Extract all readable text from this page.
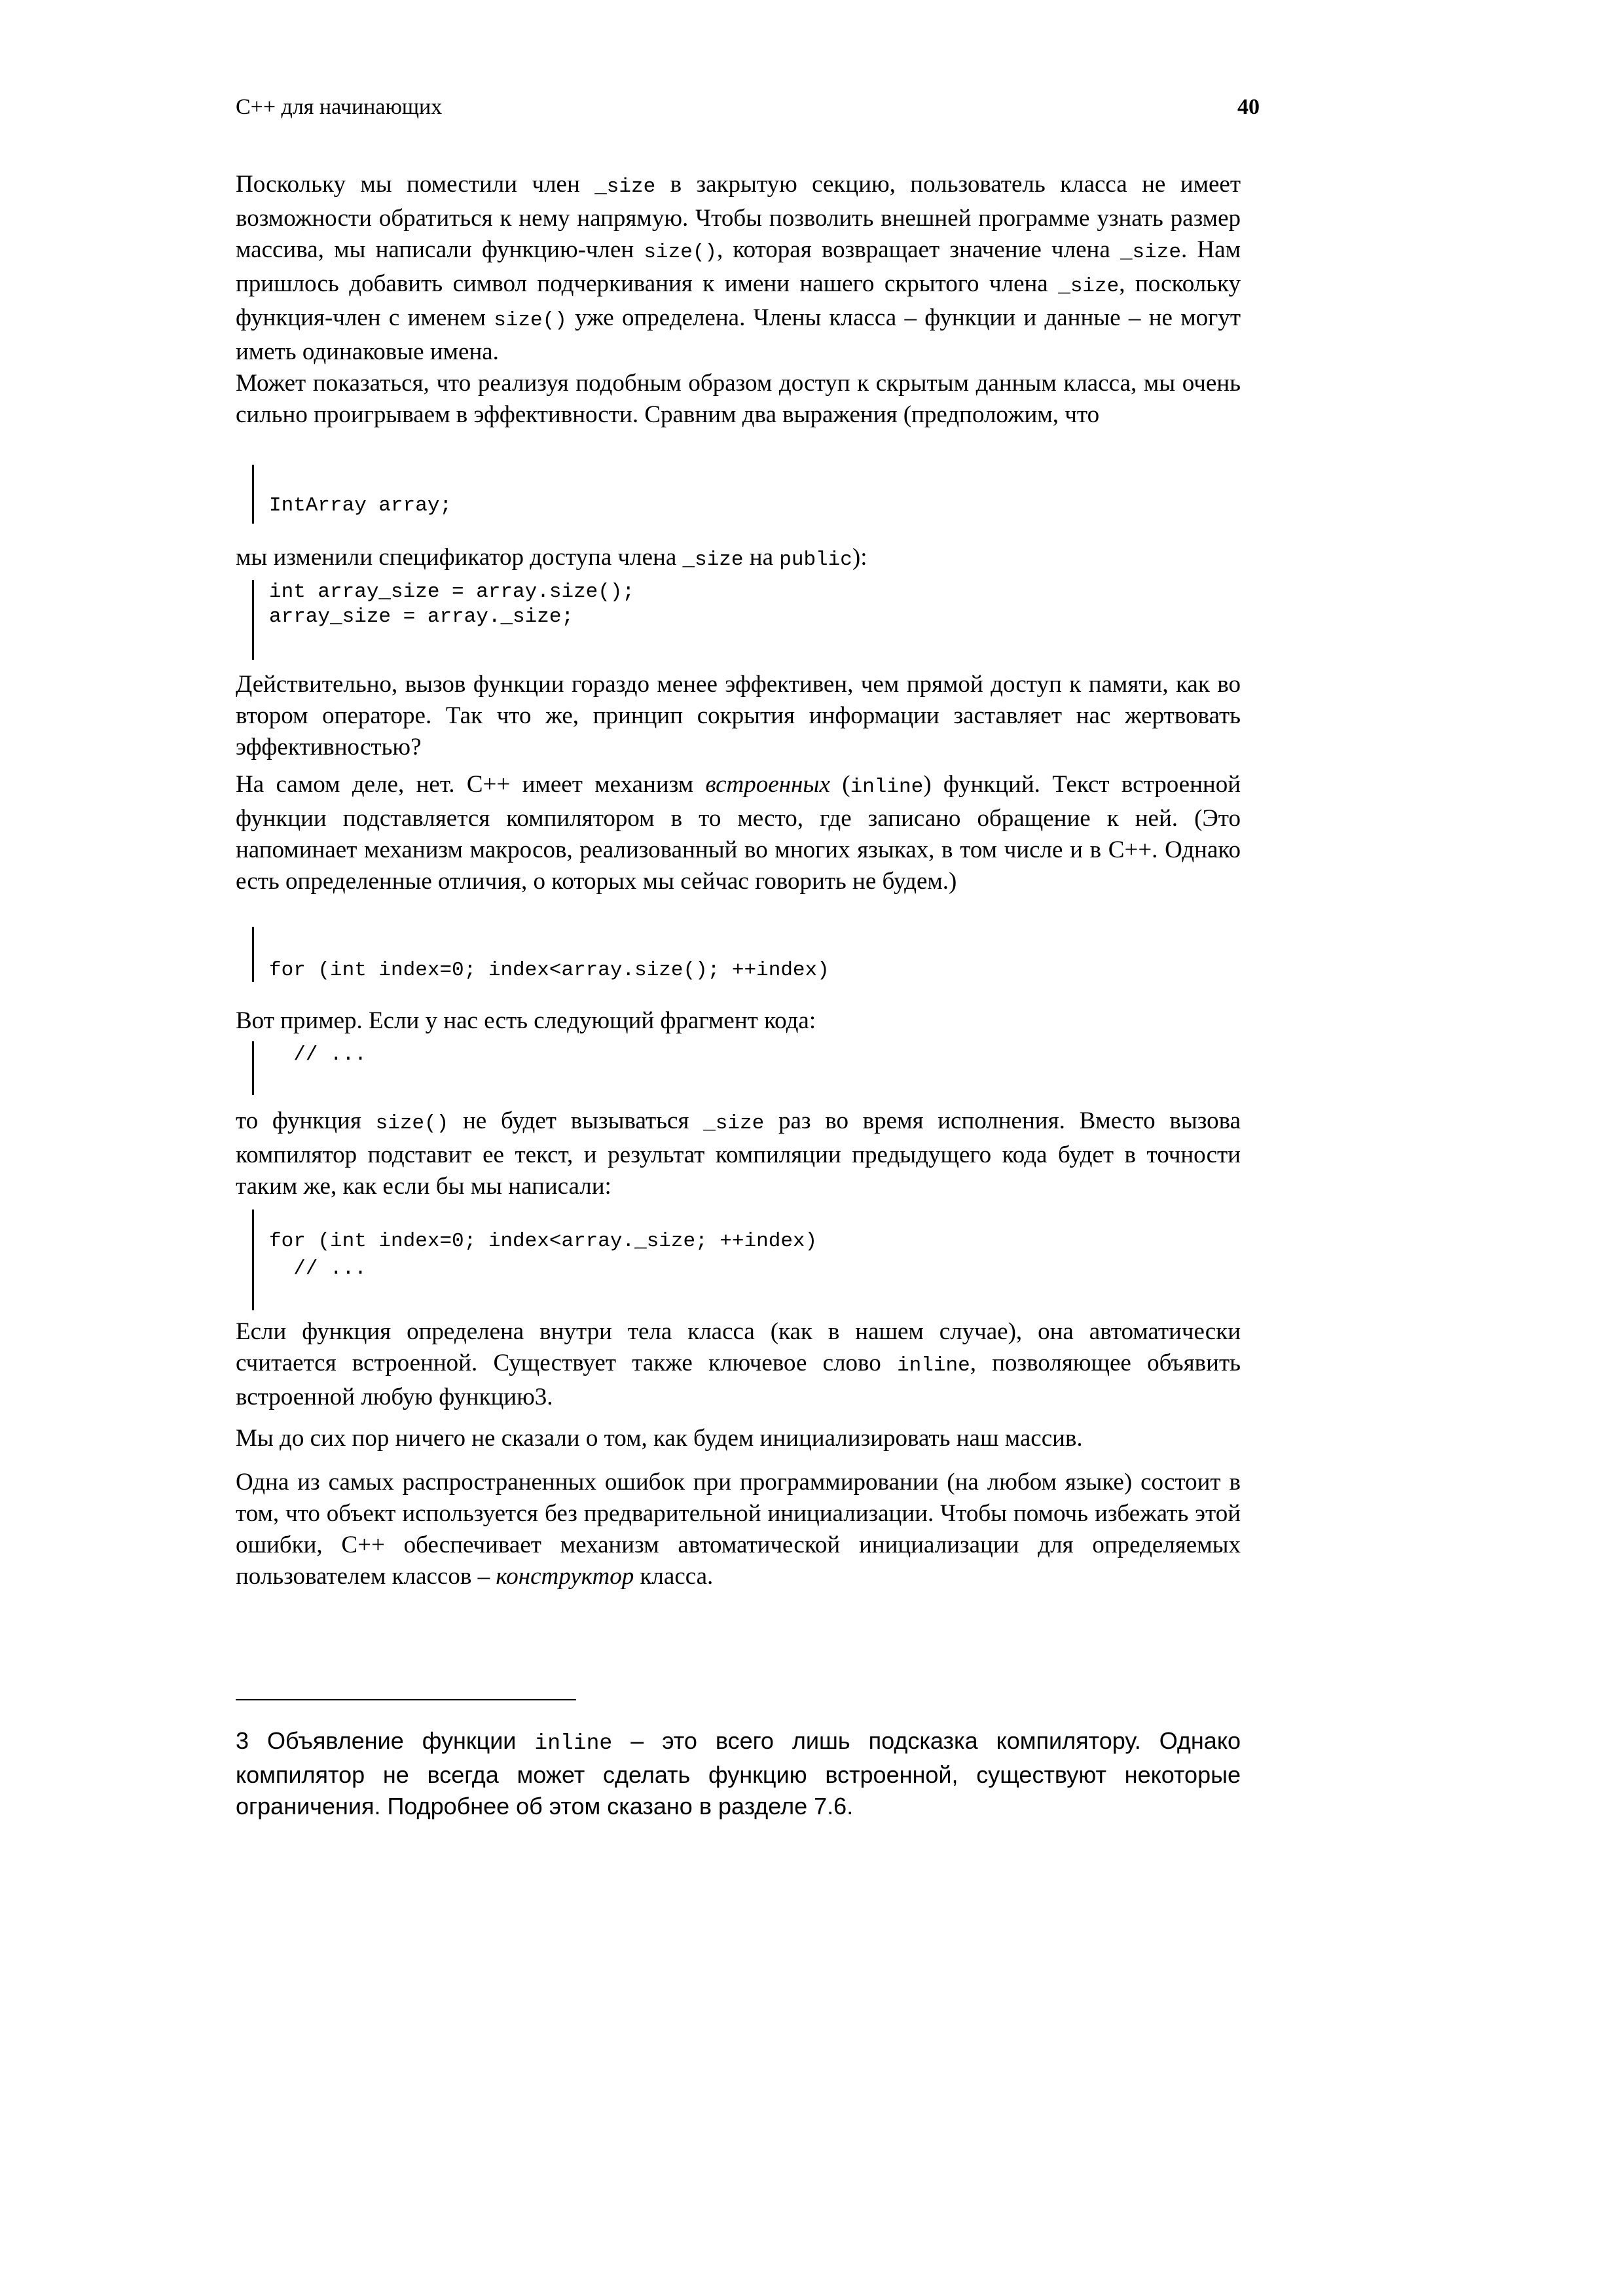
C++ для начинающих	40

Поскольку мы поместили член _size в закрытую секцию, пользователь класса не имеет возможности обратиться к нему напрямую. Чтобы позволить внешней программе узнать размер массива, мы написали функцию-член size(), которая возвращает значение члена _size. Нам пришлось добавить символ подчеркивания к имени нашего скрытого члена _size, поскольку функция-член с именем size() уже определена. Члены класса – функции и данные – не могут иметь одинаковые имена.

Может показаться, что реализуя подобным образом доступ к скрытым данным класса, мы очень сильно проигрываем в эффективности. Сравним два выражения (предположим, что
IntArray array;

мы изменили спецификатор доступа члена _size на public):

int array_size = array.size();
array_size = array._size;
Действительно, вызов функции гораздо менее эффективен, чем прямой доступ к памяти, как во втором операторе. Так что же, принцип сокрытия информации заставляет нас жертвовать эффективностью?

На самом деле, нет. С++ имеет механизм встроенных (inline) функций. Текст встроенной функции подставляется компилятором в то место, где записано обращение к ней. (Это напоминает механизм макросов, реализованный во многих языках, в том числе и в С++. Однако есть определенные отличия, о которых мы сейчас говорить не будем.)

for (int index=0; index<array.size(); ++index)
Вот пример. Если у нас есть следующий фрагмент кода:
// ...

то функция size() не будет вызываться _size раз во время исполнения. Вместо вызова компилятор подставит ее текст, и результат компиляции предыдущего кода будет в точности таким же, как если бы мы написали:

for (int index=0; index<array._size; ++index)
// ...

Если функция определена внутри тела класса (как в нашем случае), она автоматически считается встроенной. Существует также ключевое слово inline, позволяющее объявить встроенной любую функцию3.

Мы до сих пор ничего не сказали о том, как будем инициализировать наш массив.

Одна из самых распространенных ошибок при программировании (на любом языке) состоит в том, что объект используется без предварительной инициализации. Чтобы помочь избежать этой ошибки, С++ обеспечивает механизм автоматической инициализации для определяемых пользователем классов – конструктор класса.

3 Объявление функции inline – это всего лишь подсказка компилятору. Однако компилятор не всегда может сделать функцию встроенной, существуют некоторые ограничения. Подробнее об этом сказано в разделе 7.6.
